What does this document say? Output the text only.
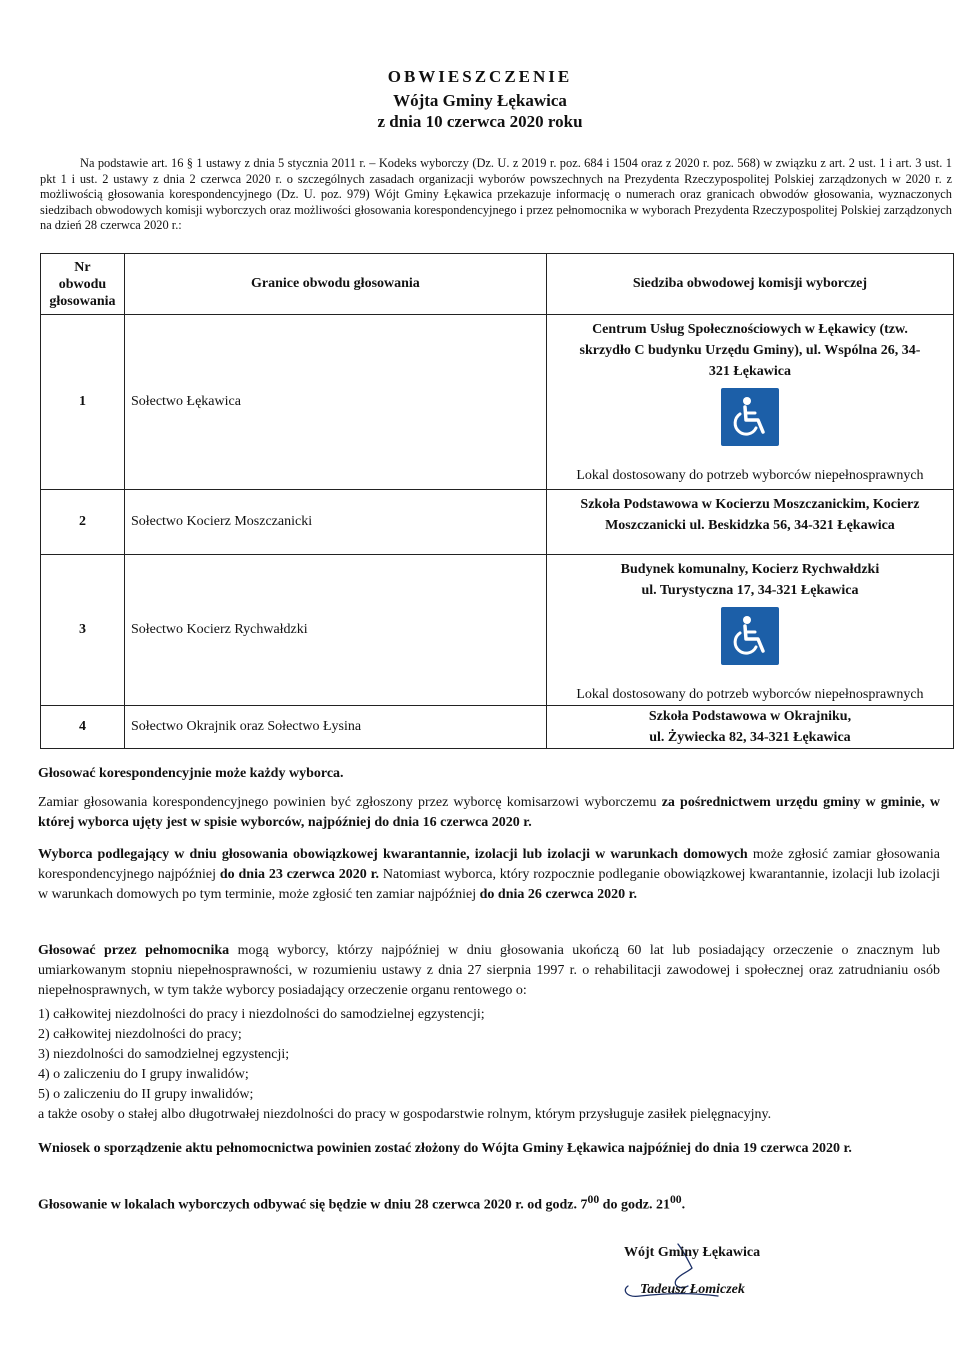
OBWIESZCZENIE
Wójta Gminy Łękawica
z dnia 10 czerwca 2020 roku
Na podstawie art. 16 § 1 ustawy z dnia 5 stycznia 2011 r. – Kodeks wyborczy (Dz. U. z 2019 r. poz. 684 i 1504 oraz z 2020 r. poz. 568) w związku z art. 2 ust. 1 i art. 3 ust. 1 pkt 1 i ust. 2 ustawy z dnia 2 czerwca 2020 r. o szczególnych zasadach organizacji wyborów powszechnych na Prezydenta Rzeczypospolitej Polskiej zarządzonych w 2020 r. z możliwością głosowania korespondencyjnego (Dz. U. poz. 979) Wójt Gminy Łękawica przekazuje informację o numerach oraz granicach obwodów głosowania, wyznaczonych siedzibach obwodowych komisji wyborczych oraz możliwości głosowania korespondencyjnego i przez pełnomocnika w wyborach Prezydenta Rzeczypospolitej Polskiej zarządzonych na dzień 28 czerwca 2020 r.:
Nr
obwodu
głosowania	Granice obwodu głosowania	Siedziba obwodowej komisji wyborczej
1	Sołectwo Łękawica	Centrum Usług Społecznościowych w Łękawicy (tzw.
skrzydło C budynku Urzędu Gminy), ul. Wspólna 26, 34-
321 Łękawica
Lokal dostosowany do potrzeb wyborców niepełnosprawnych

2	Sołectwo Kocierz Moszczanicki	Szkoła Podstawowa w Kocierzu Moszczanickim, Kocierz
Moszczanicki ul. Beskidzka 56, 34-321 Łękawica

3	Sołectwo Kocierz Rychwałdzki	Budynek komunalny, Kocierz Rychwałdzki
ul. Turystyczna 17, 34-321 Łękawica
Lokal dostosowany do potrzeb wyborców niepełnosprawnych

4	Sołectwo Okrajnik oraz Sołectwo Łysina	Szkoła Podstawowa w Okrajniku,
ul. Żywiecka 82, 34-321 Łękawica
Głosować korespondencyjnie może każdy wyborca.
Zamiar głosowania korespondencyjnego powinien być zgłoszony przez wyborcę komisarzowi wyborczemu za pośrednictwem urzędu gminy w gminie, w której wyborca ujęty jest w spisie wyborców, najpóźniej do dnia 16 czerwca 2020 r.
Wyborca podlegający w dniu głosowania obowiązkowej kwarantannie, izolacji lub izolacji w warunkach domowych może zgłosić zamiar głosowania korespondencyjnego najpóźniej do dnia 23 czerwca 2020 r. Natomiast wyborca, który rozpocznie podleganie obowiązkowej kwarantannie, izolacji lub izolacji w warunkach domowych po tym terminie, może zgłosić ten zamiar najpóźniej do dnia 26 czerwca 2020 r.
Głosować przez pełnomocnika mogą wyborcy, którzy najpóźniej w dniu głosowania ukończą 60 lat lub posiadający orzeczenie o znacznym lub umiarkowanym stopniu niepełnosprawności, w rozumieniu ustawy z dnia 27 sierpnia 1997 r. o rehabilitacji zawodowej i społecznej oraz zatrudnianiu osób niepełnosprawnych, w tym także wyborcy posiadający orzeczenie organu rentowego o:
1) całkowitej niezdolności do pracy i niezdolności do samodzielnej egzystencji;
2) całkowitej niezdolności do pracy;
3) niezdolności do samodzielnej egzystencji;
4) o zaliczeniu do I grupy inwalidów;
5) o zaliczeniu do II grupy inwalidów;
a także osoby o stałej albo długotrwałej niezdolności do pracy w gospodarstwie rolnym, którym przysługuje zasiłek pielęgnacyjny.
Wniosek o sporządzenie aktu pełnomocnictwa powinien zostać złożony do Wójta Gminy Łękawica najpóźniej do dnia 19 czerwca 2020 r.
Głosowanie w lokalach wyborczych odbywać się będzie w dniu 28 czerwca 2020 r. od godz. $7^{00}$ do godz. $21^{00}$.
Wójt Gminy Łękawica
Tadeusz Łomiczek
